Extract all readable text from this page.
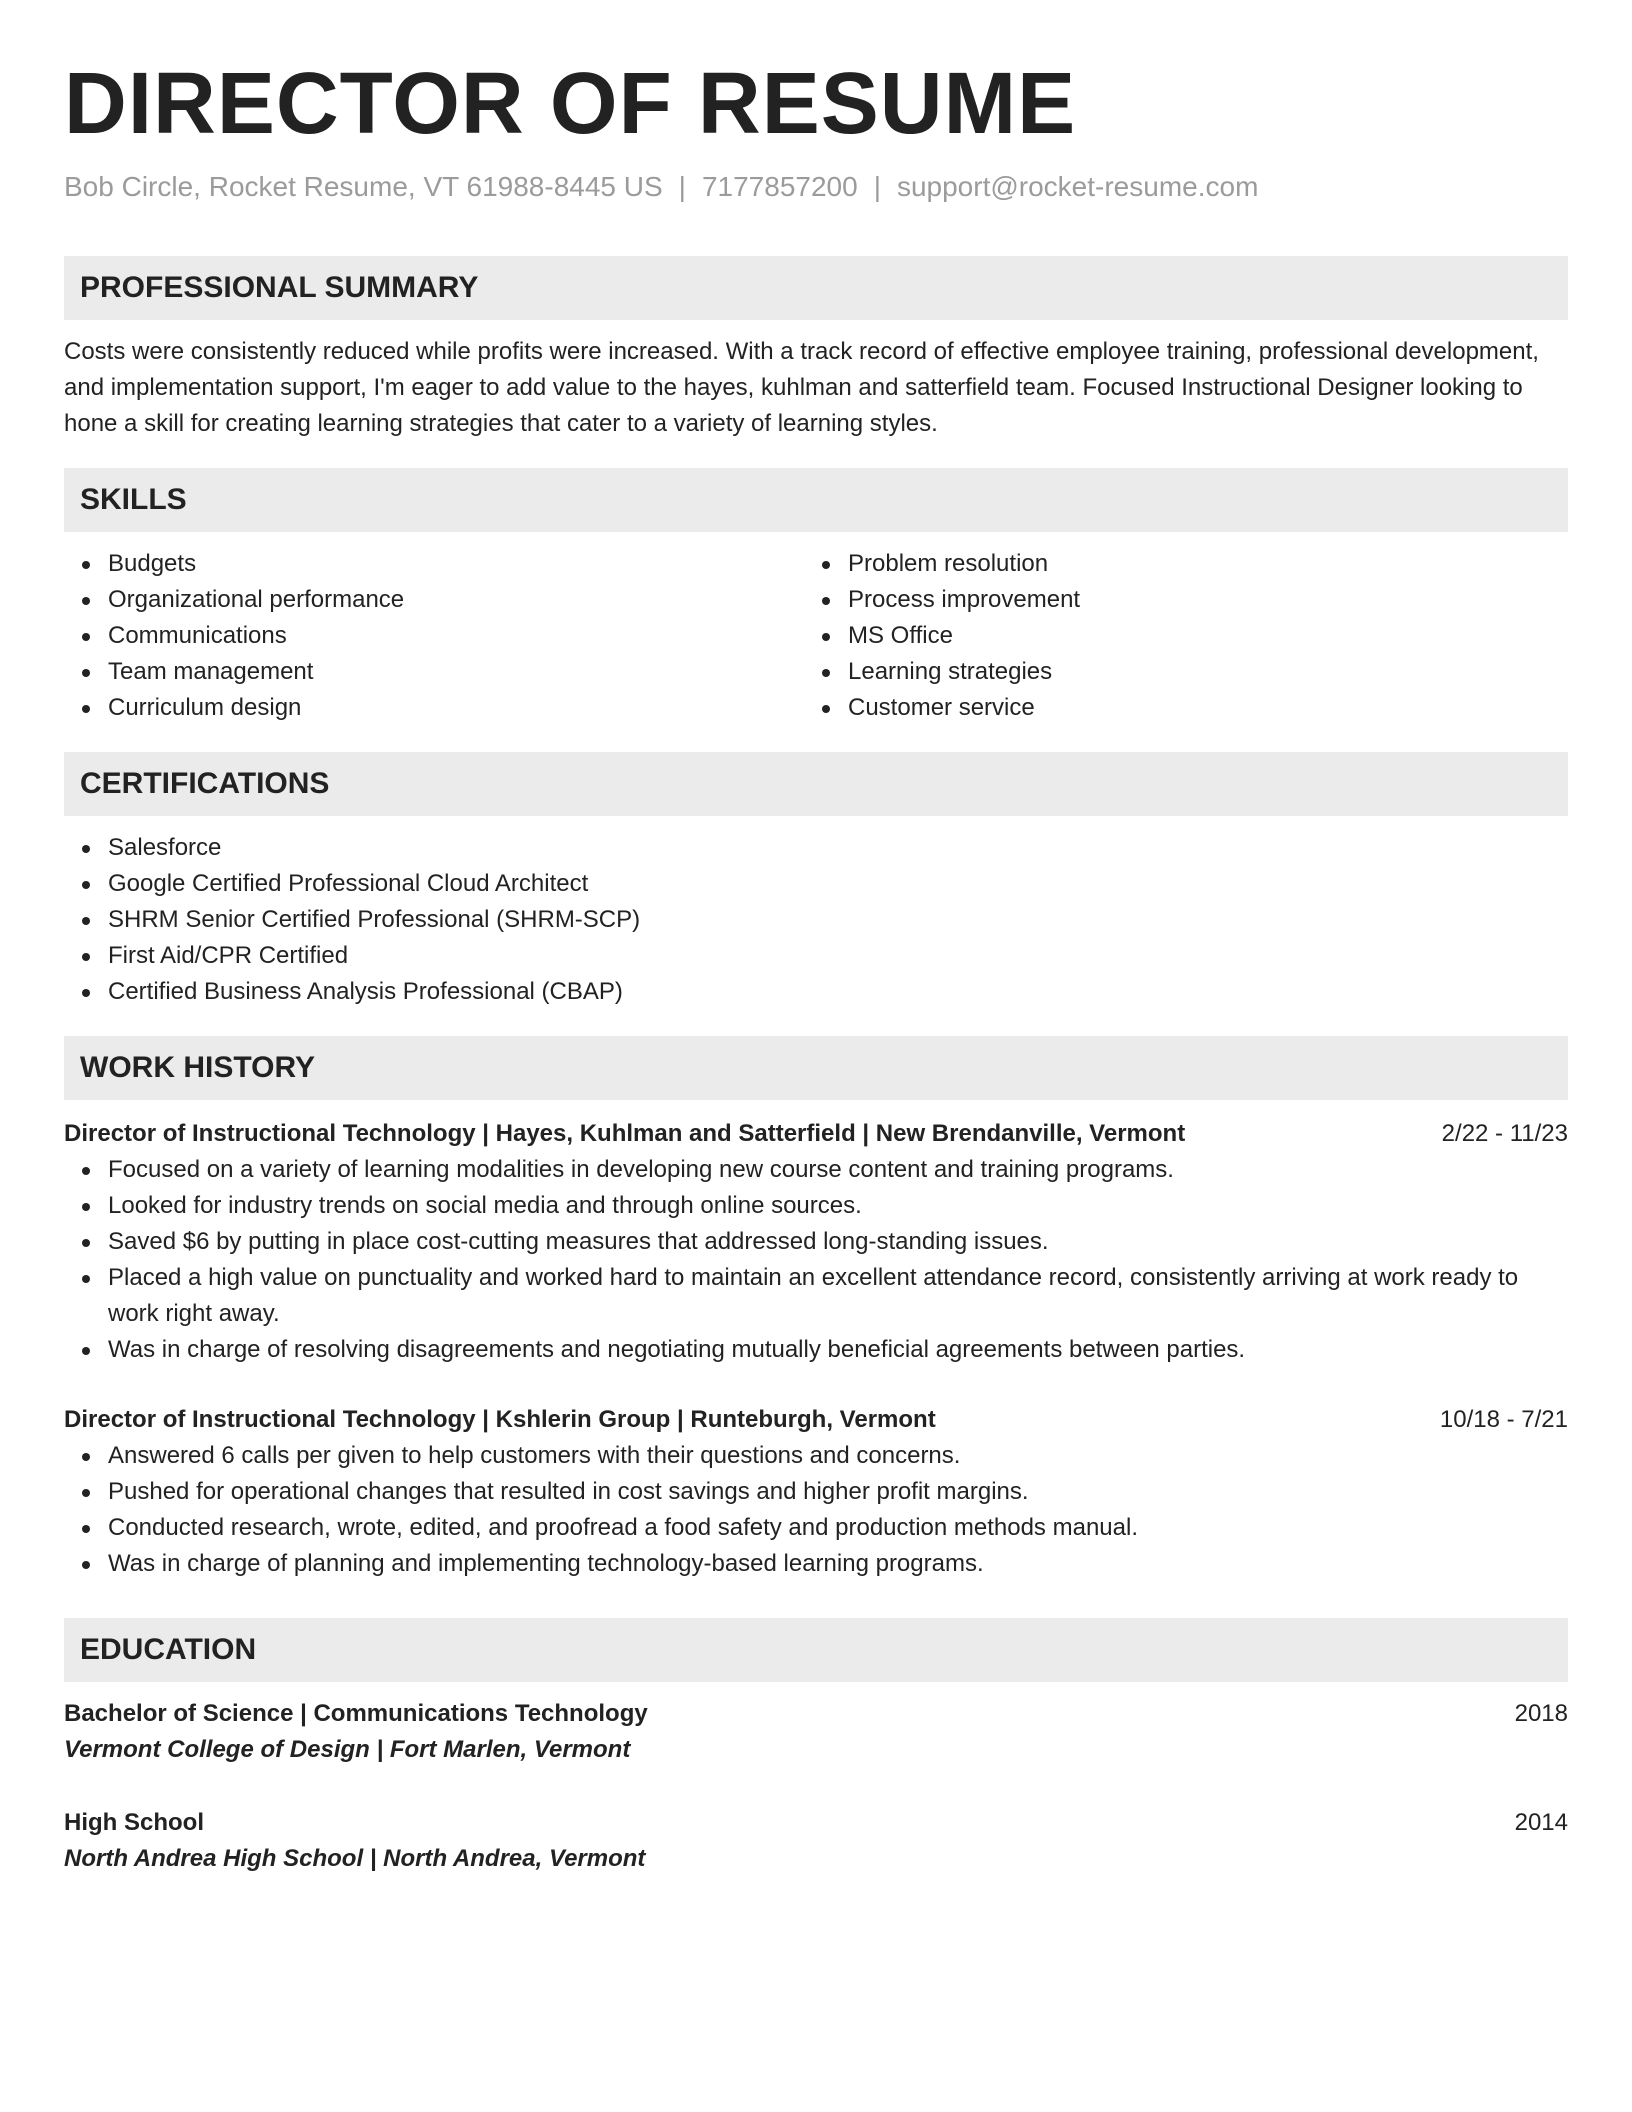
DIRECTOR OF RESUME
Bob Circle, Rocket Resume, VT 61988-8445 US | 7177857200 | support@rocket-resume.com
PROFESSIONAL SUMMARY
Costs were consistently reduced while profits were increased. With a track record of effective employee training, professional development, and implementation support, I'm eager to add value to the hayes, kuhlman and satterfield team. Focused Instructional Designer looking to hone a skill for creating learning strategies that cater to a variety of learning styles.
SKILLS
Budgets
Organizational performance
Communications
Team management
Curriculum design
Problem resolution
Process improvement
MS Office
Learning strategies
Customer service
CERTIFICATIONS
Salesforce
Google Certified Professional Cloud Architect
SHRM Senior Certified Professional (SHRM-SCP)
First Aid/CPR Certified
Certified Business Analysis Professional (CBAP)
WORK HISTORY
Director of Instructional Technology | Hayes, Kuhlman and Satterfield | New Brendanville, Vermont	2/22 - 11/23
Focused on a variety of learning modalities in developing new course content and training programs.
Looked for industry trends on social media and through online sources.
Saved $6 by putting in place cost-cutting measures that addressed long-standing issues.
Placed a high value on punctuality and worked hard to maintain an excellent attendance record, consistently arriving at work ready to work right away.
Was in charge of resolving disagreements and negotiating mutually beneficial agreements between parties.
Director of Instructional Technology | Kshlerin Group | Runteburgh, Vermont	10/18 - 7/21
Answered 6 calls per given to help customers with their questions and concerns.
Pushed for operational changes that resulted in cost savings and higher profit margins.
Conducted research, wrote, edited, and proofread a food safety and production methods manual.
Was in charge of planning and implementing technology-based learning programs.
EDUCATION
Bachelor of Science | Communications Technology	2018
Vermont College of Design | Fort Marlen, Vermont
High School	2014
North Andrea High School | North Andrea, Vermont
